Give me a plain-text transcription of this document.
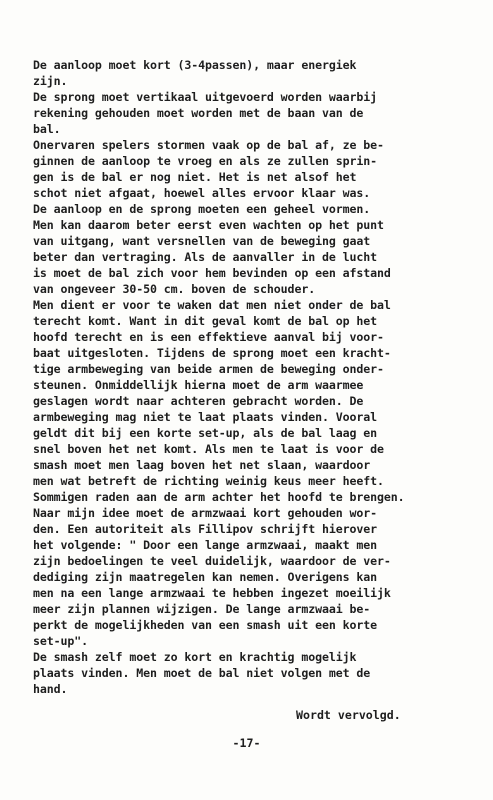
De aanloop moet kort (3-4passen), maar energiek
zijn.
De sprong moet vertikaal uitgevoerd worden waarbij
rekening gehouden moet worden met de baan van de
bal.
Onervaren spelers stormen vaak op de bal af, ze be-
ginnen de aanloop te vroeg en als ze zullen sprin-
gen is de bal er nog niet. Het is net alsof het
schot niet afgaat, hoewel alles ervoor klaar was.
De aanloop en de sprong moeten een geheel vormen.
Men kan daarom beter eerst even wachten op het punt
van uitgang, want versnellen van de beweging gaat
beter dan vertraging. Als de aanvaller in de lucht
is moet de bal zich voor hem bevinden op een afstand
van ongeveer 30-50 cm. boven de schouder.
Men dient er voor te waken dat men niet onder de bal
terecht komt. Want in dit geval komt de bal op het
hoofd terecht en is een effektieve aanval bij voor-
baat uitgesloten. Tijdens de sprong moet een kracht-
tige armbeweging van beide armen de beweging onder-
steunen. Onmiddellijk hierna moet de arm waarmee
geslagen wordt naar achteren gebracht worden. De
armbeweging mag niet te laat plaats vinden. Vooral
geldt dit bij een korte set-up, als de bal laag en
snel boven het net komt. Als men te laat is voor de
smash moet men laag boven het net slaan, waardoor
men wat betreft de richting weinig keus meer heeft.
Sommigen raden aan de arm achter het hoofd te brengen.
Naar mijn idee moet de armzwaai kort gehouden wor-
den. Een autoriteit als Fillipov schrijft hierover
het volgende: " Door een lange armzwaai, maakt men
zijn bedoelingen te veel duidelijk, waardoor de ver-
dediging zijn maatregelen kan nemen. Overigens kan
men na een lange armzwaai te hebben ingezet moeilijk
meer zijn plannen wijzigen. De lange armzwaai be-
perkt de mogelijkheden van een smash uit een korte
set-up".
De smash zelf moet zo kort en krachtig mogelijk
plaats vinden. Men moet de bal niet volgen met de
hand.
Wordt vervolgd.
-17-
